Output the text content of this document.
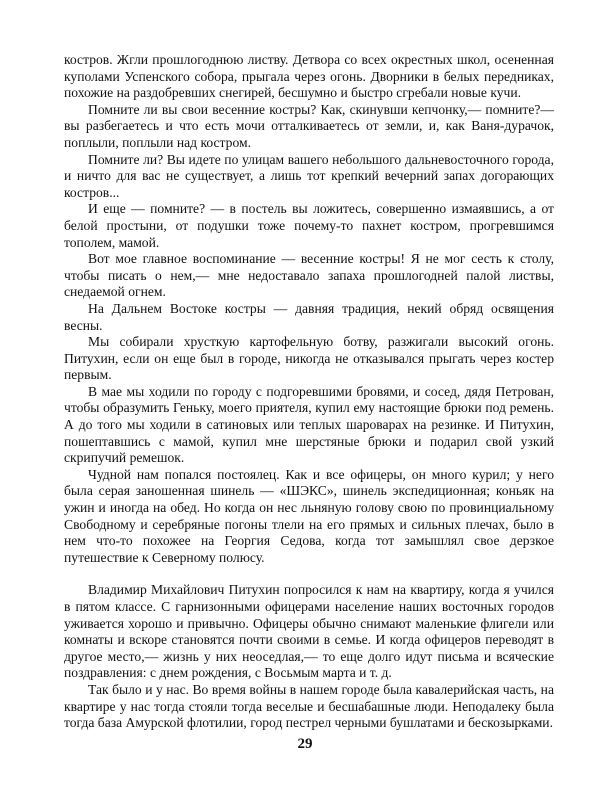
костров. Жгли прошлогоднюю листву. Детвора со всех окрестных школ, осененная куполами Успенского собора, прыгала через огонь. Дворники в белых передниках, похожие на раздобревших снегирей, бесшумно и быстро сгребали новые кучи.

Помните ли вы свои весенние костры? Как, скинувши кепчонку,— помните?— вы разбегаетесь и что есть мочи отталкиваетесь от земли, и, как Ваня-дурачок, поплыли, поплыли над костром.

Помните ли? Вы идете по улицам вашего небольшого дальневосточного города, и ничто для вас не существует, а лишь тот крепкий вечерний запах догорающих костров...

И еще — помните? — в постель вы ложитесь, совершенно измаявшись, а от белой простыни, от подушки тоже почему-то пахнет костром, прогревшимся тополем, мамой.

Вот мое главное воспоминание — весенние костры! Я не мог сесть к столу, чтобы писать о нем,— мне недоставало запаха прошлогодней палой листвы, снедаемой огнем.

На Дальнем Востоке костры — давняя традиция, некий обряд освящения весны.

Мы собирали хрусткую картофельную ботву, разжигали высокий огонь. Питухин, если он еще был в городе, никогда не отказывался прыгать через костер первым.

В мае мы ходили по городу с подгоревшими бровями, и сосед, дядя Петрован, чтобы образумить Геньку, моего приятеля, купил ему настоящие брюки под ремень. А до того мы ходили в сатиновых или теплых шароварах на резинке. И Питухин, пошептавшись с мамой, купил мне шерстяные брюки и подарил свой узкий скрипучий ремешок.

Чудной нам попался постоялец. Как и все офицеры, он много курил; у него была серая заношенная шинель — «ШЭКС», шинель экспедиционная; коньяк на ужин и иногда на обед. Но когда он нес льняную голову свою по провинциальному Свободному и серебряные погоны тлели на его прямых и сильных плечах, было в нем что-то похожее на Георгия Седова, когда тот замышлял свое дерзкое путешествие к Северному полюсу.

Владимир Михайлович Питухин попросился к нам на квартиру, когда я учился в пятом классе. С гарнизонными офицерами население наших восточных городов уживается хорошо и привычно. Офицеры обычно снимают маленькие флигели или комнаты и вскоре становятся почти своими в семье. И когда офицеров переводят в другое место,— жизнь у них неоседлая,— то еще долго идут письма и всяческие поздравления: с днем рождения, с Восьмым марта и т. д.

Так было и у нас. Во время войны в нашем городе была кавалерийская часть, на квартире у нас тогда стояли тогда веселые и бесшабашные люди. Неподалеку была тогда база Амурской флотилии, город пестрел черными бушлатами и бескозырками.

29
